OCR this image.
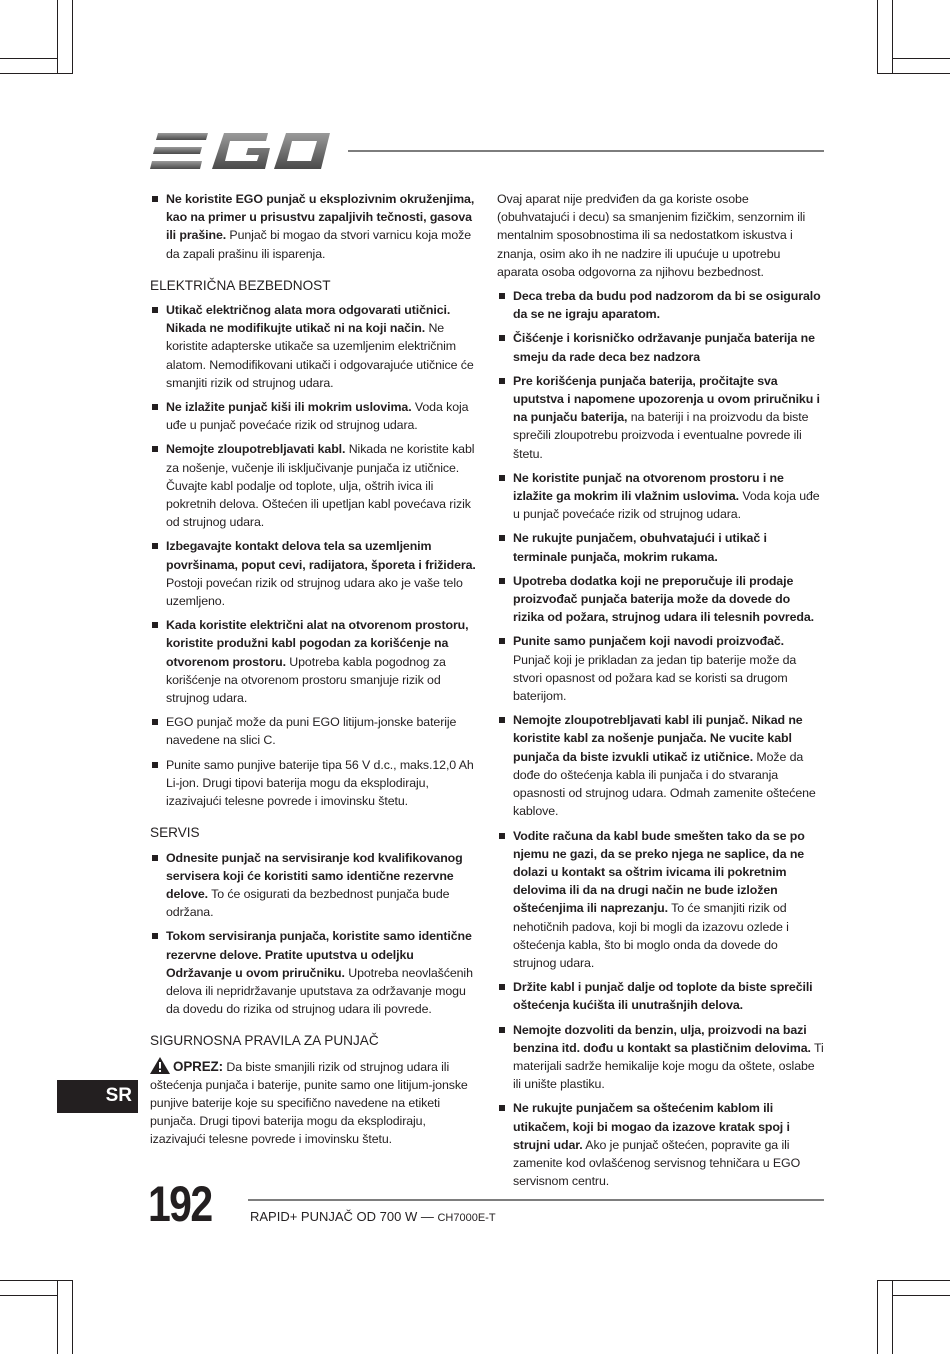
Ne koristite EGO punjač u eksplozivnim okruženjima, kao na primer u prisustvu zapaljivih tečnosti, gasova ili prašine. Punjač bi mogao da stvori varnicu koja može da zapali prašinu ili isparenja.
ELEKTRIČNA BEZBEDNOST
Utikač električnog alata mora odgovarati utičnici. Nikada ne modifikujte utikač ni na koji način. Ne koristite adapterske utikače sa uzemljenim električnim alatom. Nemodifikovani utikači i odgovarajuće utičnice će smanjiti rizik od strujnog udara.
Ne izlažite punjač kiši ili mokrim uslovima. Voda koja uđe u punjač povećaće rizik od strujnog udara.
Nemojte zloupotrebljavati kabl. Nikada ne koristite kabl za nošenje, vučenje ili isključivanje punjača iz utičnice. Čuvajte kabl podalje od toplote, ulja, oštrih ivica ili pokretnih delova. Oštećen ili upetljan kabl povećava rizik od strujnog udara.
Izbegavajte kontakt delova tela sa uzemljenim površinama, poput cevi, radijatora, šporeta i frižidera. Postoji povećan rizik od strujnog udara ako je vaše telo uzemljeno.
Kada koristite električni alat na otvorenom prostoru, koristite produžni kabl pogodan za korišćenje na otvorenom prostoru. Upotreba kabla pogodnog za korišćenje na otvorenom prostoru smanjuje rizik od strujnog udara.
EGO punjač može da puni EGO litijum-jonske baterije navedene na slici C.
Punite samo punjive baterije tipa 56 V d.c., maks.12,0 Ah Li-jon. Drugi tipovi baterija mogu da eksplodiraju, izazivajući telesne povrede i imovinsku štetu.
SERVIS
Odnesite punjač na servisiranje kod kvalifikovanog servisera koji će koristiti samo identične rezervne delove. To će osigurati da bezbednost punjača bude održana.
Tokom servisiranja punjača, koristite samo identične rezervne delove. Pratite uputstva u odeljku Održavanje u ovom priručniku. Upotreba neovlašćenih delova ili nepridržavanje uputstava za održavanje mogu da dovedu do rizika od strujnog udara ili povrede.
SIGURNOSNA PRAVILA ZA PUNJAČ

OPREZ: Da biste smanjili rizik od strujnog udara ili oštećenja punjača i baterije, punite samo one litijum-jonske punjive baterije koje su specifično navedene na etiketi punjača. Drugi tipovi baterija mogu da eksplodiraju, izazivajući telesne povrede i imovinsku štetu.

Ovaj aparat nije predviđen da ga koriste osobe (obuhvatajući i decu) sa smanjenim fizičkim, senzornim ili mentalnim sposobnostima ili sa nedostatkom iskustva i znanja, osim ako ih ne nadzire ili upućuje u upotrebu aparata osoba odgovorna za njihovu bezbednost.

Deca treba da budu pod nadzorom da bi se osiguralo da se ne igraju aparatom.
Čišćenje i korisničko održavanje punjača baterija ne smeju da rade deca bez nadzora
Pre korišćenja punjača baterija, pročitajte sva uputstva i napomene upozorenja u ovom priručniku i na punjaču baterija, na bateriji i na proizvodu da biste sprečili zloupotrebu proizvoda i eventualne povrede ili štetu.
Ne koristite punjač na otvorenom prostoru i ne izlažite ga mokrim ili vlažnim uslovima. Voda koja uđe u punjač povećaće rizik od strujnog udara.
Ne rukujte punjačem, obuhvatajući i utikač i terminale punjača, mokrim rukama.
Upotreba dodatka koji ne preporučuje ili prodaje proizvođač punjača baterija može da dovede do rizika od požara, strujnog udara ili telesnih povreda.
Punite samo punjačem koji navodi proizvođač. Punjač koji je prikladan za jedan tip baterije može da stvori opasnost od požara kad se koristi sa drugom baterijom.
Nemojte zloupotrebljavati kabl ili punjač. Nikad ne koristite kabl za nošenje punjača. Ne vucite kabl punjača da biste izvukli utikač iz utičnice. Može da dođe do oštećenja kabla ili punjača i do stvaranja opasnosti od strujnog udara. Odmah zamenite oštećene kablove.
Vodite računa da kabl bude smešten tako da se po njemu ne gazi, da se preko njega ne saplice, da ne dolazi u kontakt sa oštrim ivicama ili pokretnim delovima ili da na drugi način ne bude izložen oštećenjima ili naprezanju. To će smanjiti rizik od nehotičnih padova, koji bi mogli da izazovu ozlede i oštećenja kabla, što bi moglo onda da dovede do strujnog udara.
Držite kabl i punjač dalje od toplote da biste sprečili oštećenja kućišta ili unutrašnjih delova.
Nemojte dozvoliti da benzin, ulja, proizvodi na bazi benzina itd. dođu u kontakt sa plastičnim delovima. Ti materijali sadrže hemikalije koje mogu da oštete, oslabe ili unište plastiku.
Ne rukujte punjačem sa oštećenim kablom ili utikačem, koji bi mogao da izazove kratak spoj i strujni udar. Ako je punjač oštećen, popravite ga ili zamenite kod ovlašćenog servisnog tehničara u EGO servisnom centru.
SR
192	RAPID+ PUNJAČ OD 700 W — CH7000E-T
